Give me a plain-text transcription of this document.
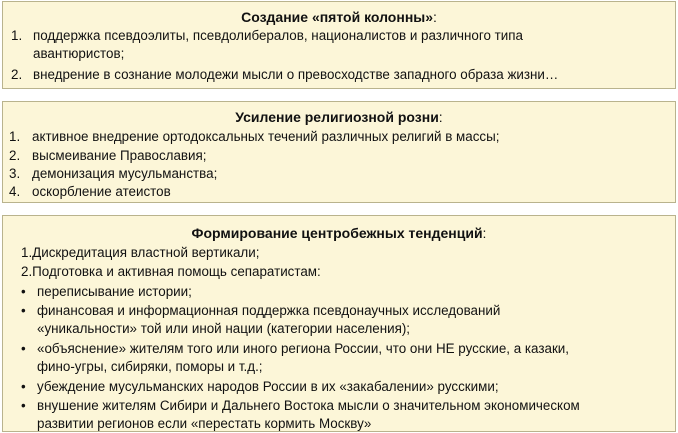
Создание «пятой колонны»:
1. поддержка псевдоэлиты, псевдолибералов, националистов и различного типа
авантюристов;
2. внедрение в сознание молодежи мысли о превосходстве западного образа жизни…
Усиление религиозной розни:
1. активное внедрение ортодоксальных течений различных религий в массы;
2. высмеивание Православия;
3. демонизация мусульманства;
4. оскорбление атеистов
Формирование центробежных тенденций:
1.Дискредитация властной вертикали;
2.Подготовка и активная помощь сепаратистам:
• переписывание истории;
• финансовая и информационная поддержка псевдонаучных исследований
«уникальности» той или иной нации (категории населения);
• «объяснение» жителям того или иного региона России, что они НЕ русские, а казаки,
фино-угры, сибиряки, поморы и т.д.;
• убеждение мусульманских народов России в их «закабалении» русскими;
• внушение жителям Сибири и Дальнего Востока мысли о значительном экономическом
развитии регионов если «перестать кормить Москву»
